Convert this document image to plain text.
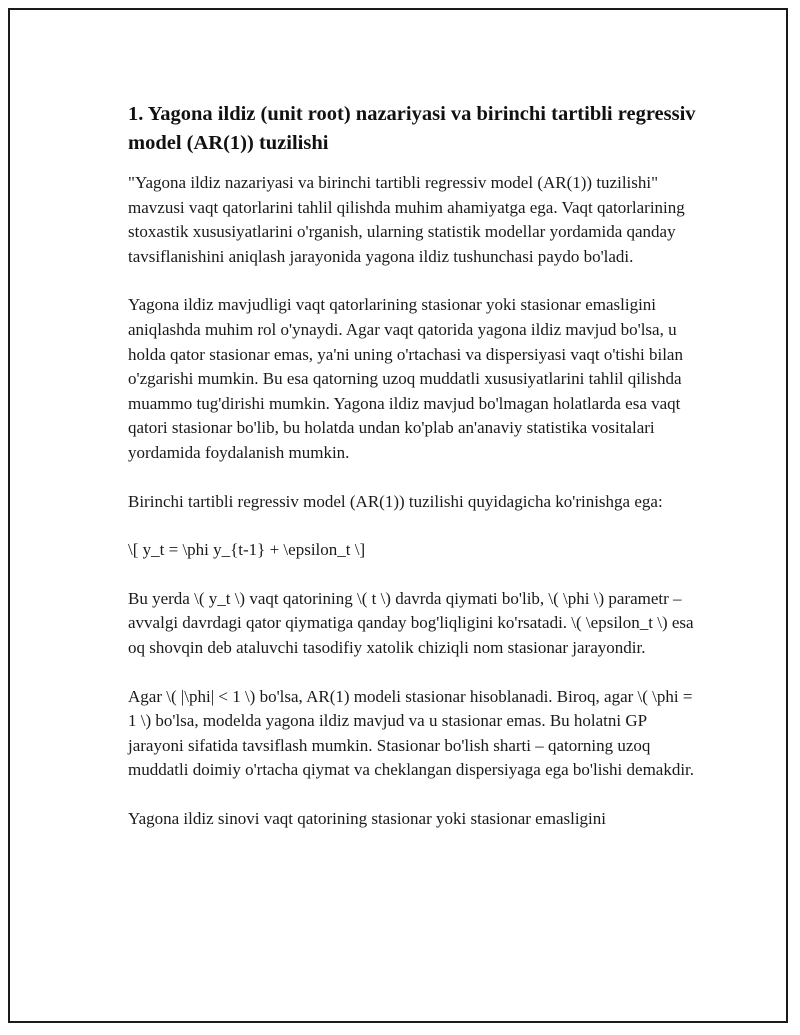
1. Yagona ildiz (unit root) nazariyasi va birinchi tartibli regressiv model (AR(1)) tuzilishi

"Yagona ildiz nazariyasi va birinchi tartibli regressiv model (AR(1)) tuzilishi" mavzusi vaqt qatorlarini tahlil qilishda muhim ahamiyatga ega. Vaqt qatorlarining stoxastik xususiyatlarini o'rganish, ularning statistik modellar yordamida qanday tavsiflanishini aniqlash jarayonida yagona ildiz tushunchasi paydo bo'ladi.

Yagona ildiz mavjudligi vaqt qatorlarining stasionar yoki stasionar emasligini aniqlashda muhim rol o'ynaydi. Agar vaqt qatorida yagona ildiz mavjud bo'lsa, u holda qator stasionar emas, ya'ni uning o'rtachasi va dispersiyasi vaqt o'tishi bilan o'zgarishi mumkin. Bu esa qatorning uzoq muddatli xususiyatlarini tahlil qilishda muammo tug'dirishi mumkin. Yagona ildiz mavjud bo'lmagan holatlarda esa vaqt qatori stasionar bo'lib, bu holatda undan ko'plab an'anaviy statistika vositalari yordamida foydalanish mumkin.

Birinchi tartibli regressiv model (AR(1)) tuzilishi quyidagicha ko'rinishga ega:

\[ y_t = \phi y_{t-1} + \epsilon_t \]

Bu yerda \( y_t \) vaqt qatorining \( t \) davrda qiymati bo'lib, \( \phi \) parametr – avvalgi davrdagi qator qiymatiga qanday bog'liqligini ko'rsatadi. \( \epsilon_t \) esa oq shovqin deb ataluvchi tasodifiy xatolik chiziqli nom stasionar jarayondir.

Agar \( |\phi| < 1 \) bo'lsa, AR(1) modeli stasionar hisoblanadi. Biroq, agar \( \phi = 1 \) bo'lsa, modelda yagona ildiz mavjud va u stasionar emas. Bu holatni GP jarayoni sifatida tavsiflash mumkin. Stasionar bo'lish sharti – qatorning uzoq muddatli doimiy o'rtacha qiymat va cheklangan dispersiyaga ega bo'lishi demakdir.

Yagona ildiz sinovi vaqt qatorining stasionar yoki stasionar emasligini
